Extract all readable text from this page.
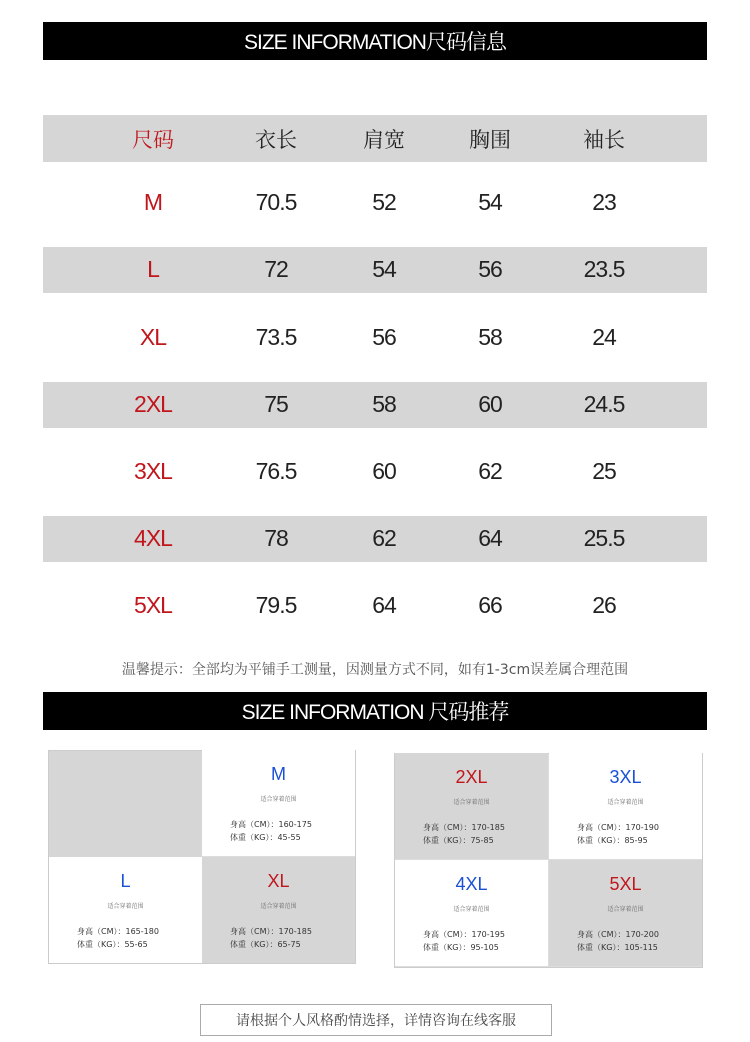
SIZE INFORMATION尺码信息
尺码	衣长	肩宽	胸围	袖长
M	70.5	52	54	23
L	72	54	56	23.5
XL	73.5	56	58	24
2XL	75	58	60	24.5
3XL	76.5	60	62	25
4XL	78	62	64	25.5
5XL	79.5	64	66	26
温馨提示：全部均为平铺手工测量，因测量方式不同，如有1-3cm误差属合理范围
SIZE INFORMATION 尺码推荐
M
适合穿着范围
身高（CM）：160-175
体重（KG）：45-55
L
适合穿着范围
身高（CM）：165-180
体重（KG）：55-65
XL
适合穿着范围
身高（CM）：170-185
体重（KG）：65-75
2XL
适合穿着范围
身高（CM）：170-185
体重（KG）：75-85
3XL
适合穿着范围
身高（CM）：170-190
体重（KG）：85-95
4XL
适合穿着范围
身高（CM）：170-195
体重（KG）：95-105
5XL
适合穿着范围
身高（CM）：170-200
体重（KG）：105-115
请根据个人风格酌情选择，详情咨询在线客服
